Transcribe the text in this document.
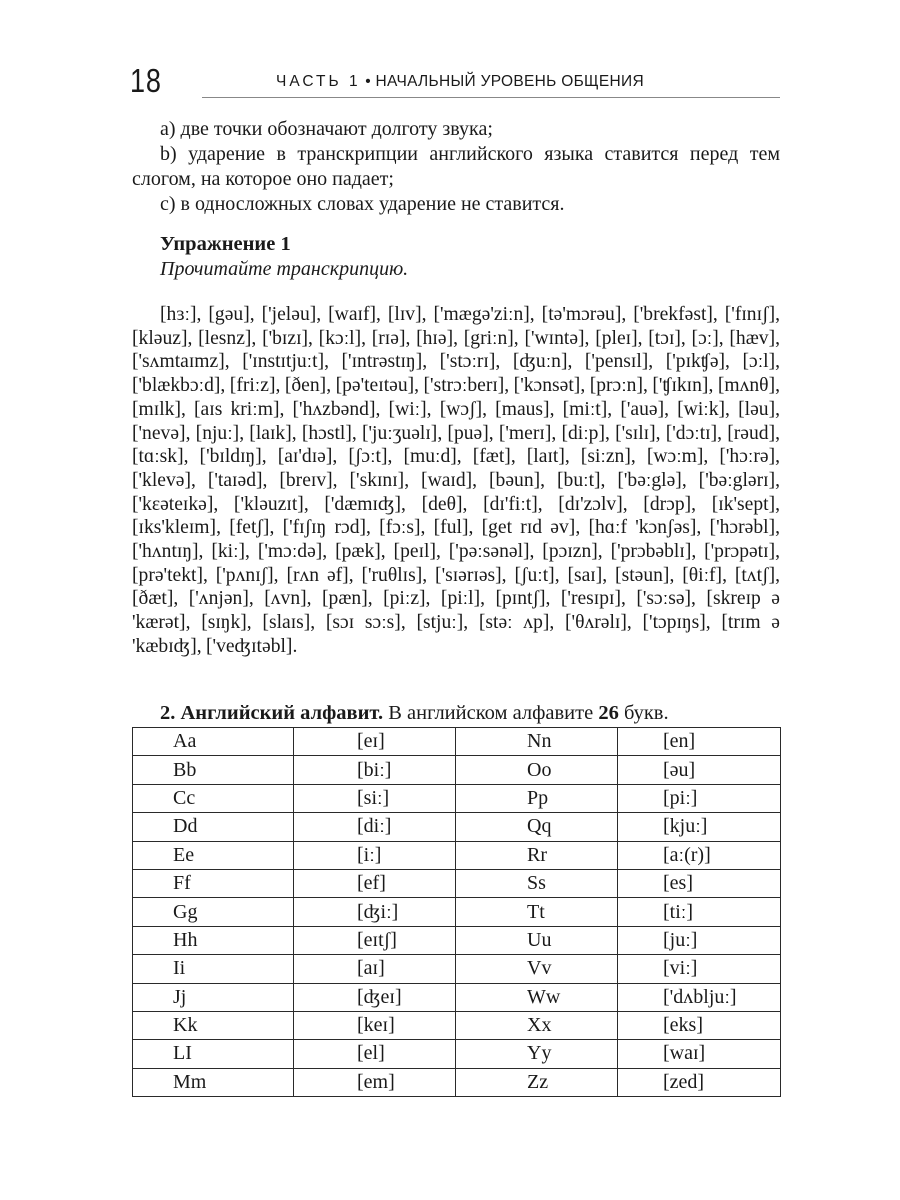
18	ЧАСТЬ 1 • НАЧАЛЬНЫЙ УРОВЕНЬ ОБЩЕНИЯ

а) две точки обозначают долготу звука;

b) ударение в транскрипции английского языка ставится перед тем слогом, на которое оно падает;

с) в односложных словах ударение не ставится.

Упражнение 1
Прочитайте транскрипцию.

[hɜː], [gəu], ['jeləu], [waɪf], [lɪv], ['mægə'ziːn], [tə'mɔrəu], ['brekfəst], ['fɪnɪʃ], [kləuz], [lesnz], ['bɪzɪ], [kɔːl], [rɪə], [hɪə], [griːn], ['wɪntə], [pleɪ], [tɔɪ], [ɔː], [hæv], ['sʌmtaɪmz], ['ɪnstɪtjuːt], ['ɪntrəstɪŋ], ['stɔːrɪ], [ʤuːn], ['pensɪl], ['pɪkʧə], [ɔːl], ['blækbɔːd], [friːz], [ðen], [pə'teɪtəu], ['strɔːberɪ], ['kɔnsət], [prɔːn], ['ʧɪkɪn], [mʌnθ], [mɪlk], [aɪs kriːm], ['hʌzbənd], [wiː], [wɔʃ], [maus], [miːt], ['auə], [wiːk], [ləu], ['nevə], [njuː], [laɪk], [hɔstl], ['juːʒuəlɪ], [puə], ['merɪ], [diːp], ['sɪlɪ], ['dɔːtɪ], [rəud], [tɑːsk], ['bɪldɪŋ], [aɪ'dɪə], [ʃɔːt], [muːd], [fæt], [laɪt], [siːzn], [wɔːm], ['hɔːrə], ['klevə], ['taɪəd], [breɪv], ['skɪnɪ], [waɪd], [bəun], [buːt], ['bəːglə], ['bəːglərɪ], ['kεəteɪkə], ['kləuzɪt], ['dæmɪʤ], [deθ], [dɪ'fiːt], [dɪ'zɔlv], [drɔp], [ɪk'sept], [ɪks'kleɪm], [fetʃ], ['fɪʃɪŋ rɔd], [fɔːs], [ful], [get rɪd əv], [hɑːf 'kɔnʃəs], ['hɔrəbl], ['hʌntɪŋ], [kiː], ['mɔːdə], [pæk], [peɪl], ['pəːsənəl], [pɔɪzn], ['prɔbəblɪ], ['prɔpətɪ], [prə'tekt], ['pʌnɪʃ], [rʌn əf], ['ruθlɪs], ['sɪərɪəs], [ʃuːt], [saɪ], [stəun], [θiːf], [tʌtʃ], [ðæt], ['ʌnjən], [ʌvn], [pæn], [piːz], [piːl], [pɪntʃ], ['resɪpɪ], ['sɔːsə], [skreɪp ə 'kærət], [sɪŋk], [slaɪs], [sɔɪ sɔːs], [stjuː], [stəː ʌp], ['θʌrəlɪ], ['tɔpɪŋs], [trɪm ə 'kæbɪʤ], ['veʤɪtəbl].

2. Английский алфавит. В английском алфавите 26 букв.
Aa	[eɪ]	Nn	[en]
Bb	[biː]	Oo	[əu]
Cc	[siː]	Pp	[piː]
Dd	[diː]	Qq	[kjuː]
Ee	[iː]	Rr	[aː(r)]
Ff	[ef]	Ss	[es]
Gg	[ʤiː]	Tt	[tiː]
Hh	[eɪtʃ]	Uu	[juː]
Ii	[aɪ]	Vv	[viː]
Jj	[ʤeɪ]	Ww	['dʌbljuː]
Kk	[keɪ]	Xx	[eks]
LI	[el]	Yy	[waɪ]
Mm	[em]	Zz	[zed]
